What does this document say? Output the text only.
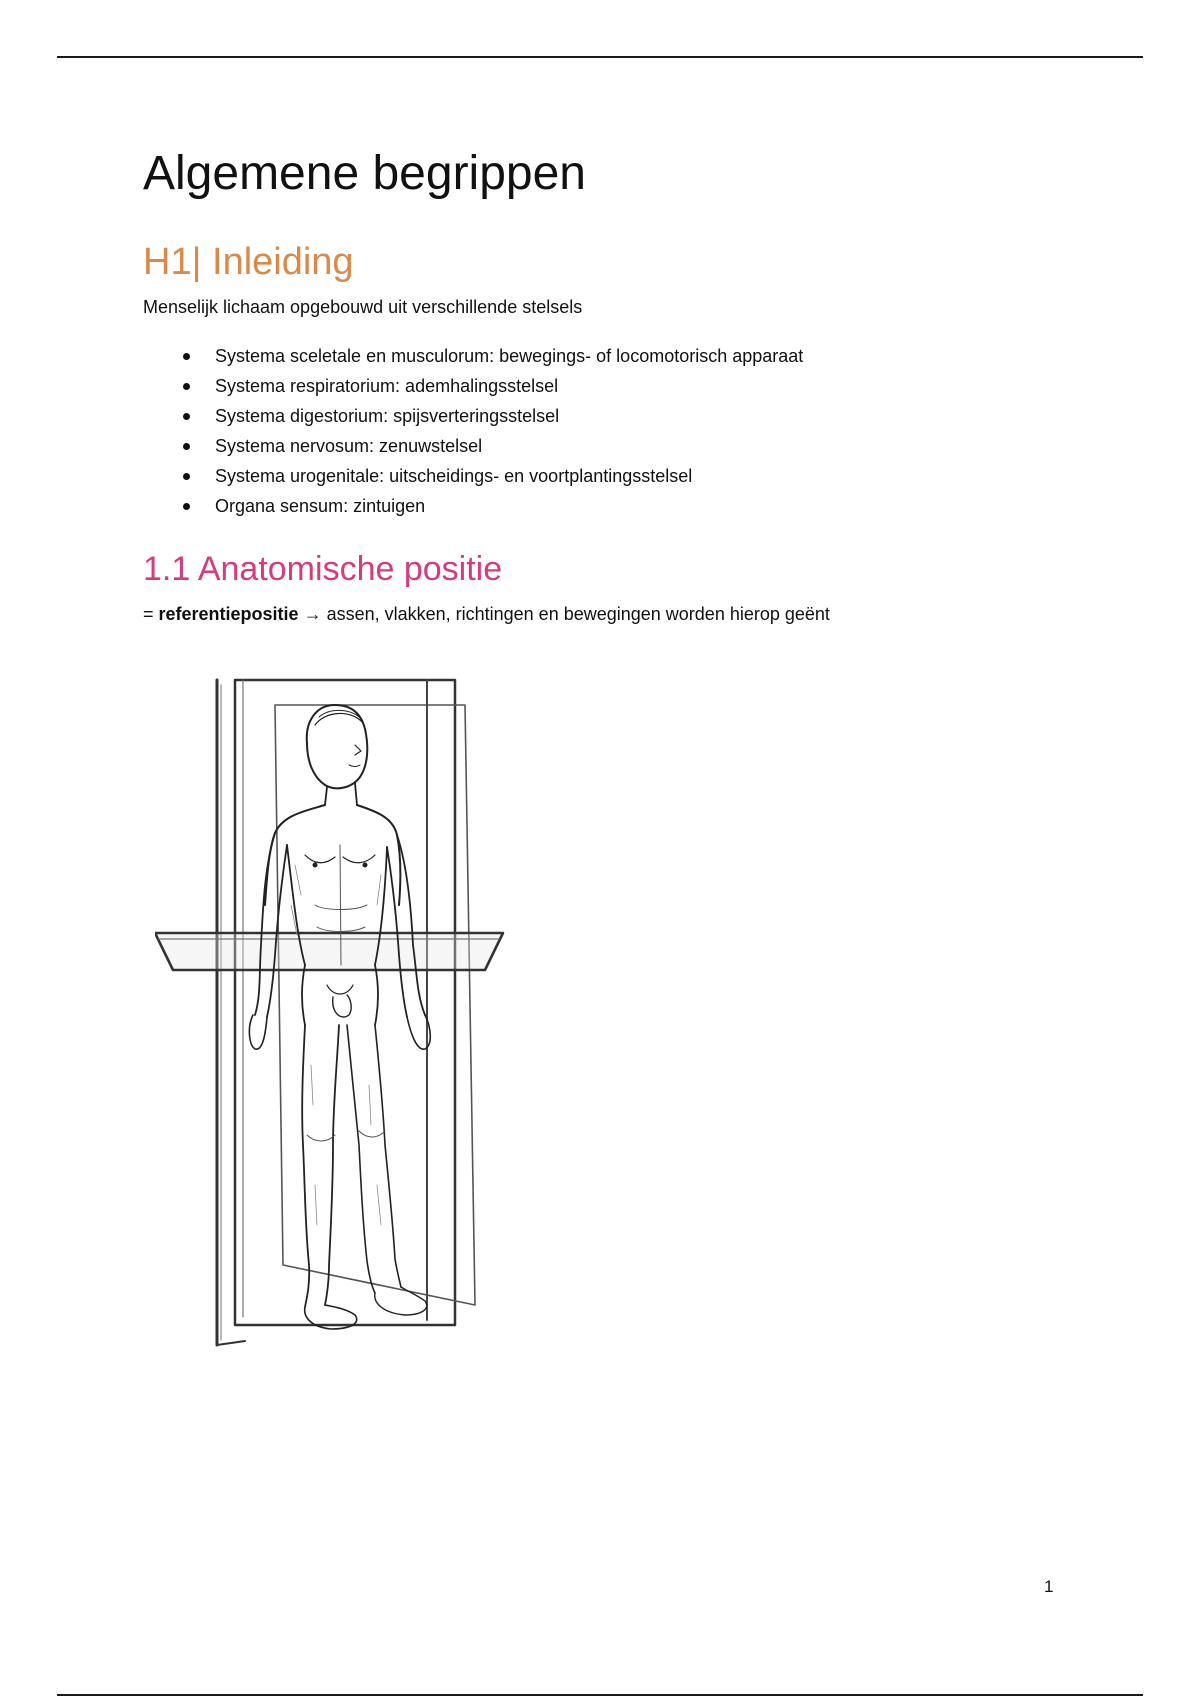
Algemene begrippen
H1| Inleiding

Menselijk lichaam opgebouwd uit verschillende stelsels

Systema sceletale en musculorum: bewegings- of locomotorisch apparaat
Systema respiratorium: ademhalingsstelsel
Systema digestorium: spijsverteringsstelsel
Systema nervosum: zenuwstelsel
Systema urogenitale: uitscheidings- en voortplantingsstelsel
Organa sensum: zintuigen
1.1 Anatomische positie

= referentiepositie → assen, vlakken, richtingen en bewegingen worden hierop geënt

1
